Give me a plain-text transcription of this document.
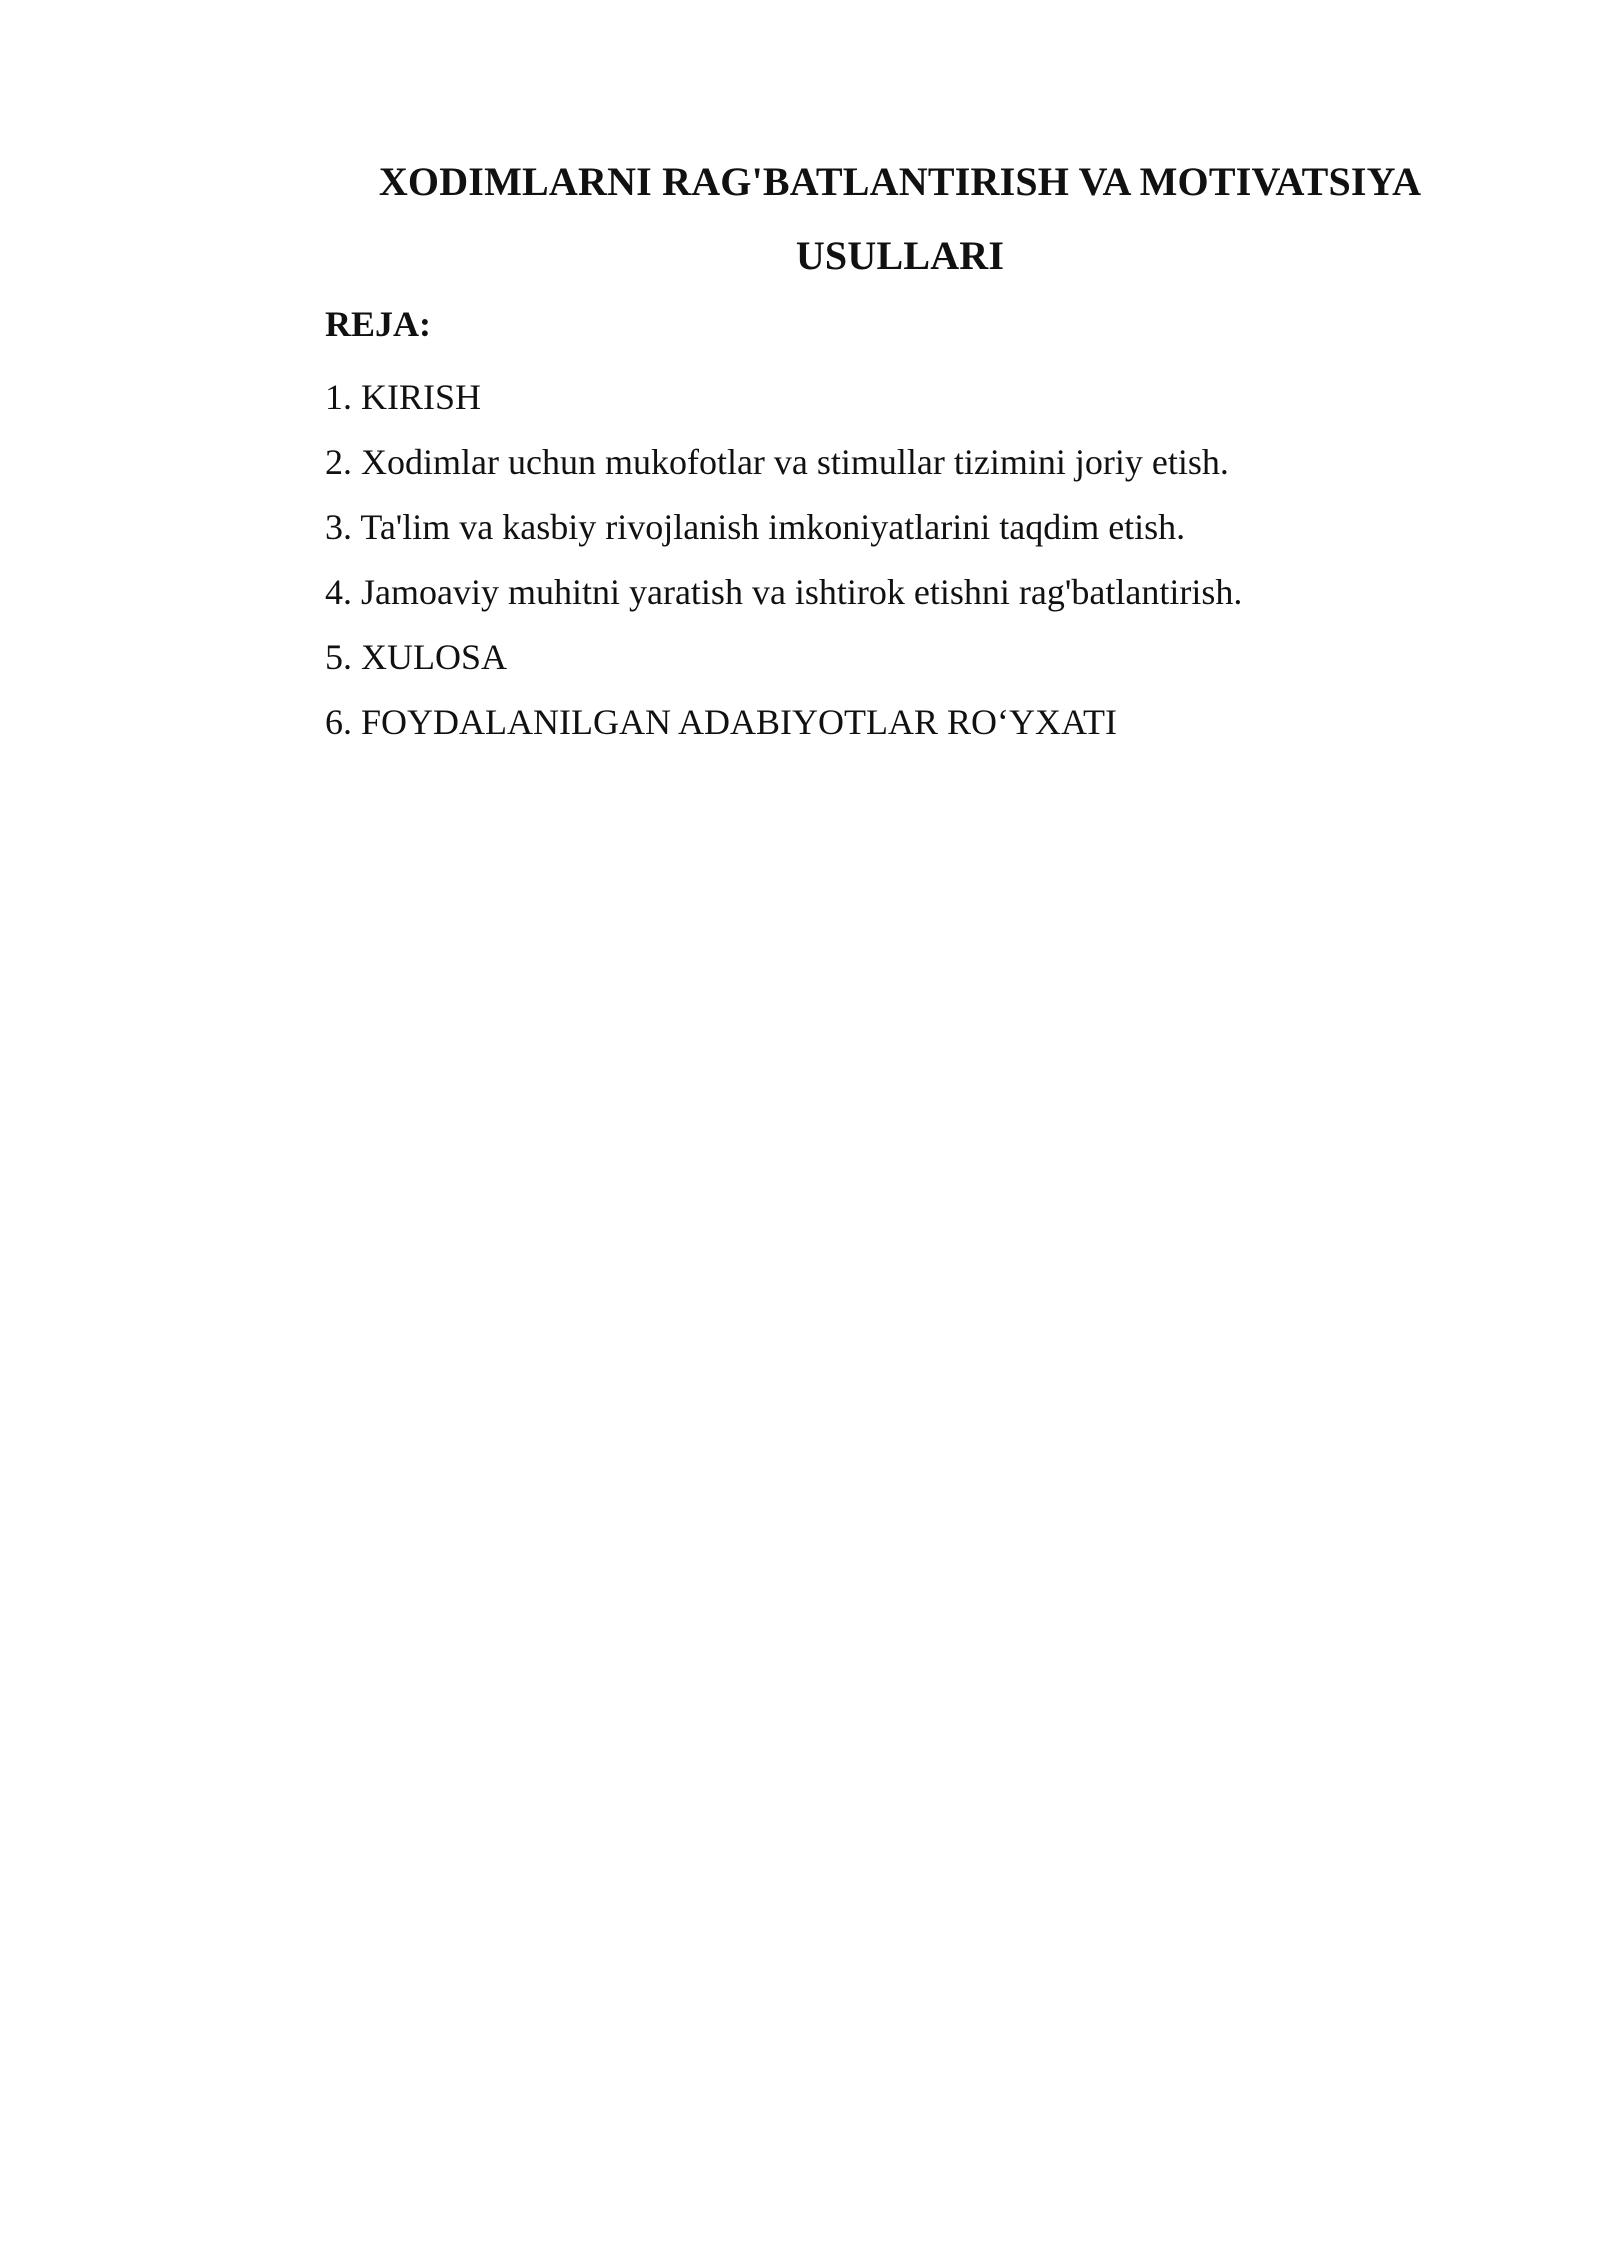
XODIMLARNI RAG'BATLANTIRISH VA MOTIVATSIYA
USULLARI
REJA:
1. KIRISH
2. Xodimlar uchun mukofotlar va stimullar tizimini joriy etish.
3. Ta'lim va kasbiy rivojlanish imkoniyatlarini taqdim etish.
4. Jamoaviy muhitni yaratish va ishtirok etishni rag'batlantirish.
5. XULOSA
6. FOYDALANILGAN ADABIYOTLAR RO‘YXATI
